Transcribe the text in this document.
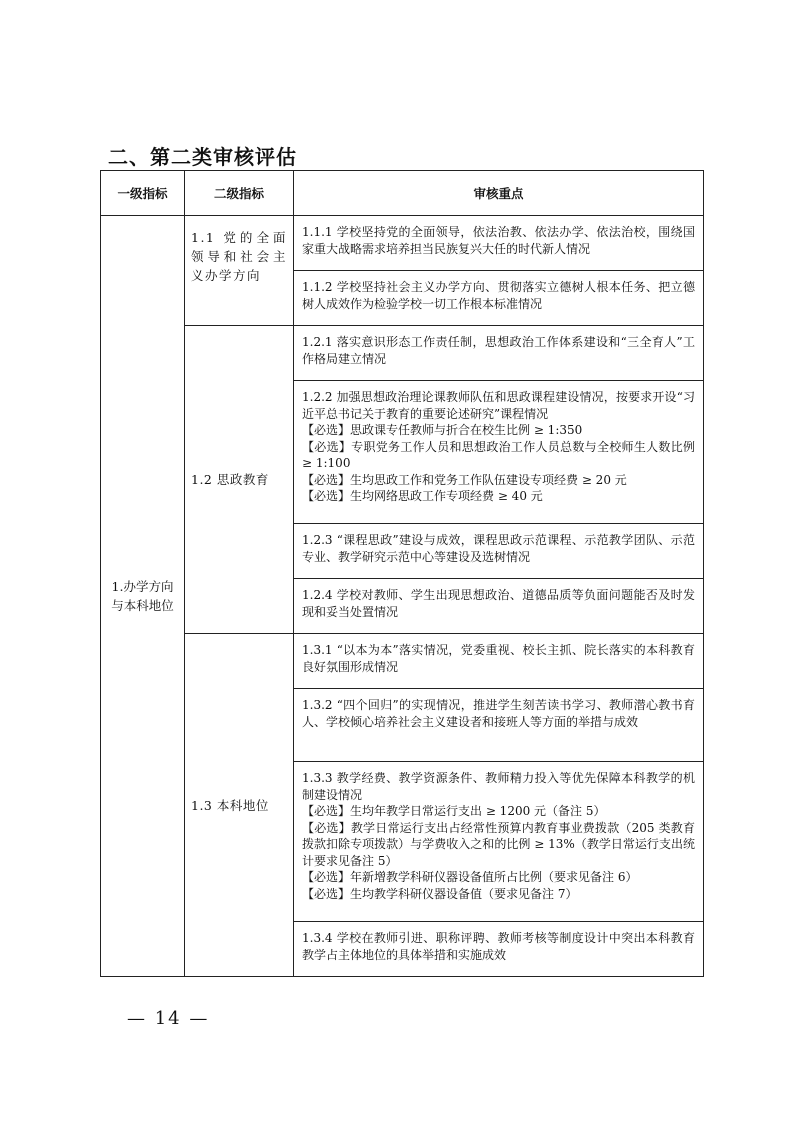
二、第二类审核评估
一级指标	二级指标	审核重点
1.办学方向与本科地位	1.1 党的全面领导和社会主义办学方向	1.1.1 学校坚持党的全面领导，依法治教、依法办学、依法治校，围绕国家重大战略需求培养担当民族复兴大任的时代新人情况

		1.1.2 学校坚持社会主义办学方向、贯彻落实立德树人根本任务、把立德树人成效作为检验学校一切工作根本标准情况

	1.2 思政教育	1.2.1 落实意识形态工作责任制，思想政治工作体系建设和“三全育人”工作格局建立情况

		1.2.2 加强思想政治理论课教师队伍和思政课程建设情况，按要求开设“习近平总书记关于教育的重要论述研究”课程情况
【必选】思政课专任教师与折合在校生比例 ≥ 1:350
【必选】专职党务工作人员和思想政治工作人员总数与全校师生人数比例 ≥ 1:100
【必选】生均思政工作和党务工作队伍建设专项经费 ≥ 20 元
【必选】生均网络思政工作专项经费 ≥ 40 元

		1.2.3 “课程思政”建设与成效，课程思政示范课程、示范教学团队、示范专业、教学研究示范中心等建设及选树情况

		1.2.4 学校对教师、学生出现思想政治、道德品质等负面问题能否及时发现和妥当处置情况

	1.3 本科地位	1.3.1 “以本为本”落实情况，党委重视、校长主抓、院长落实的本科教育良好氛围形成情况

		1.3.2 “四个回归”的实现情况，推进学生刻苦读书学习、教师潜心教书育人、学校倾心培养社会主义建设者和接班人等方面的举措与成效

		1.3.3 教学经费、教学资源条件、教师精力投入等优先保障本科教学的机制建设情况
【必选】生均年教学日常运行支出 ≥ 1200 元（备注 5）
【必选】教学日常运行支出占经常性预算内教育事业费拨款（205 类教育拨款扣除专项拨款）与学费收入之和的比例 ≥ 13%（教学日常运行支出统计要求见备注 5）
【必选】年新增教学科研仪器设备值所占比例（要求见备注 6）
【必选】生均教学科研仪器设备值（要求见备注 7）

		1.3.4 学校在教师引进、职称评聘、教师考核等制度设计中突出本科教育教学占主体地位的具体举措和实施成效

— 14 —
